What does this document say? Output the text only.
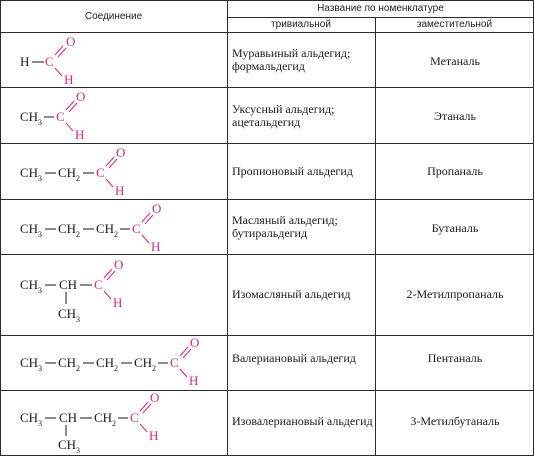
Соединение
Название по номенклатуре
тривиальной	заместительной
Муравьиный альдегид;
формальдегид
Уксусный альдегид;
ацетальдегид
Пропионовый альдегид
Масляный альдегид;
бутиральдегид
Изомасляный альдегид
Валериановый альдегид
Изовалериановый альдегид
Метаналь
Этаналь
Пропаналь
Бутаналь
2-Метилпропаналь
Пентаналь
3-Метилбутаналь
H C
O
H
CH 3 C
O
H
CH 3 CH 2 C
O
H
CH 3 CH 2 CH 2 C
O
H
CH 3 CH
CH 3
C
O
H
CH 3 CH 2 CH 2 CH 2 C
O
H
CH 3 CH
CH 3
CH 2 C
O
H
